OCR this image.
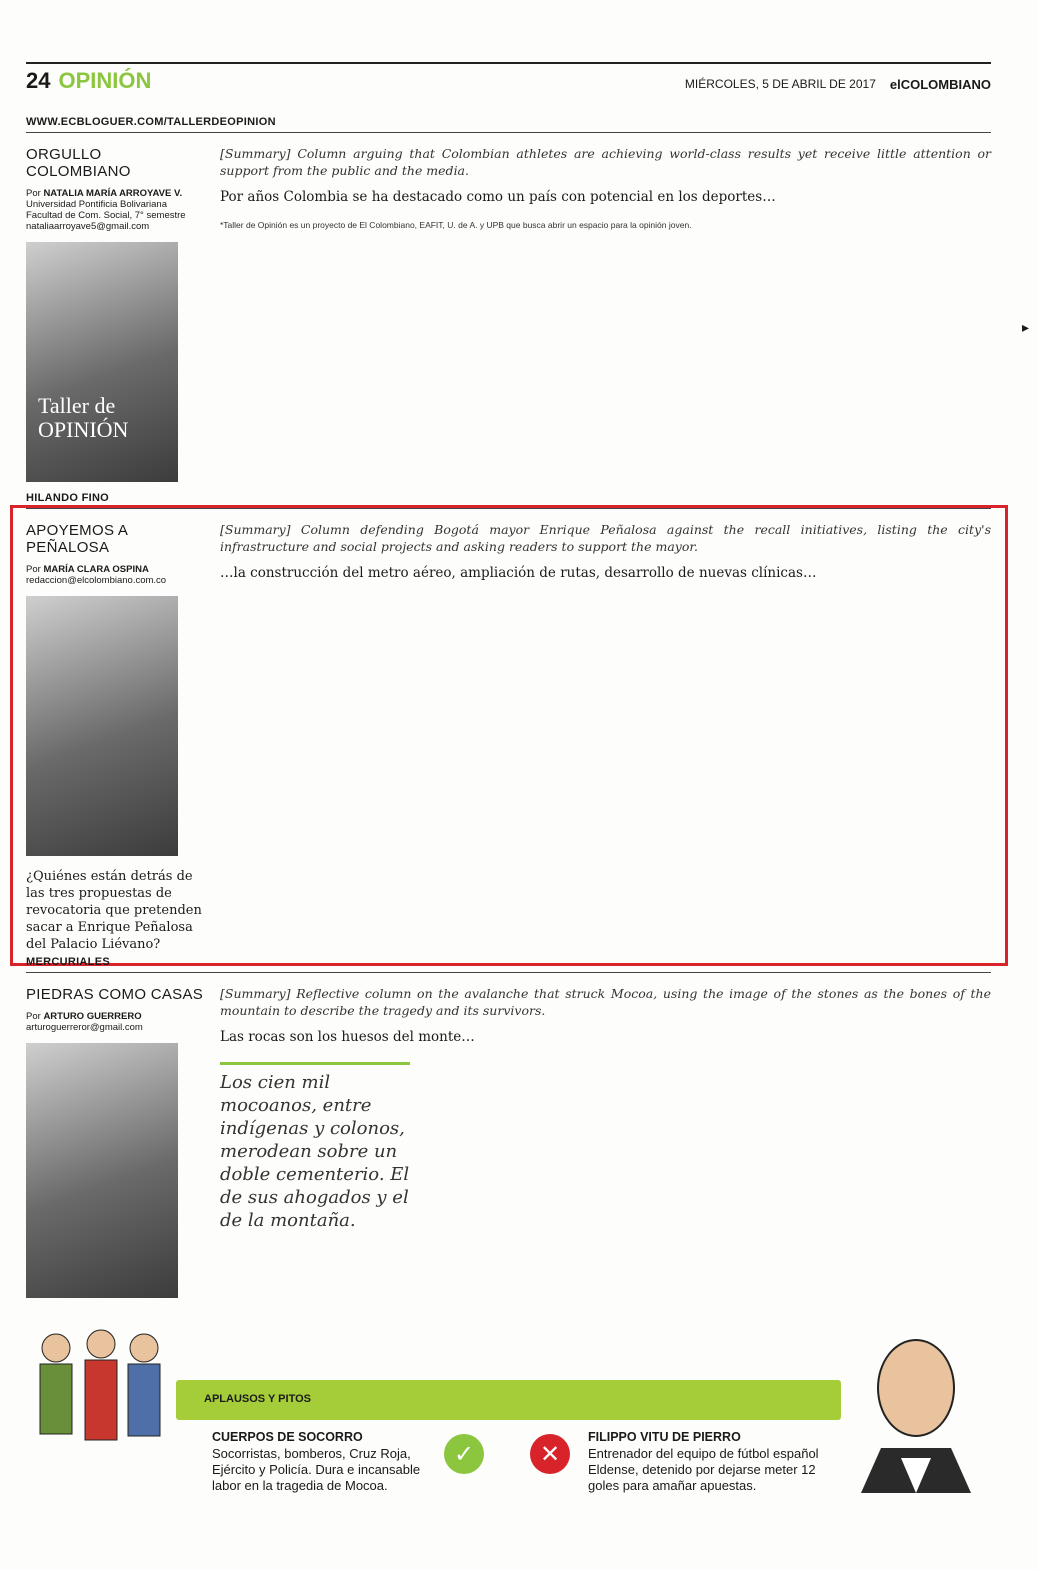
24 OPINIÓN	MIÉRCOLES, 5 DE ABRIL DE 2017 elCOLOMBIANO
WWW.ECBLOGUER.COM/TALLERDEOPINION
ORGULLO COLOMBIANO
Por NATALIA MARÍA ARROYAVE V.
Universidad Pontificia Bolivariana
Facultad de Com. Social, 7° semestre
nataliaarroyave5@gmail.com
Taller de OPINIÓN
[Summary] Column arguing that Colombian athletes are achieving world-class results yet receive little attention or support from the public and the media.
Por años Colombia se ha destacado como un país con potencial en los deportes…
*Taller de Opinión es un proyecto de El Colombiano, EAFIT, U. de A. y UPB que busca abrir un espacio para la opinión joven.
HILANDO FINO
APOYEMOS A PEÑALOSA
Por MARÍA CLARA OSPINA
redaccion@elcolombiano.com.co
¿Quiénes están detrás de las tres propuestas de revocatoria que pretenden sacar a Enrique Peñalosa del Palacio Liévano?
[Summary] Column defending Bogotá mayor Enrique Peñalosa against the recall initiatives, listing the city's infrastructure and social projects and asking readers to support the mayor.
…la construcción del metro aéreo, ampliación de rutas, desarrollo de nuevas clínicas…
MERCURIALES
PIEDRAS COMO CASAS
Por ARTURO GUERRERO
arturoguerreror@gmail.com
[Summary] Reflective column on the avalanche that struck Mocoa, using the image of the stones as the bones of the mountain to describe the tragedy and its survivors.
Las rocas son los huesos del monte…
Los cien mil mocoanos, entre indígenas y colonos, merodean sobre un doble cementerio. El de sus ahogados y el de la montaña.
APLAUSOS Y PITOS
CUERPOS DE SOCORRO
Socorristas, bomberos, Cruz Roja, Ejército y Policía. Dura e incansable labor en la tragedia de Mocoa.
✓	✕
FILIPPO VITU DE PIERRO
Entrenador del equipo de fútbol español Eldense, detenido por dejarse meter 12 goles para amañar apuestas.
▸
